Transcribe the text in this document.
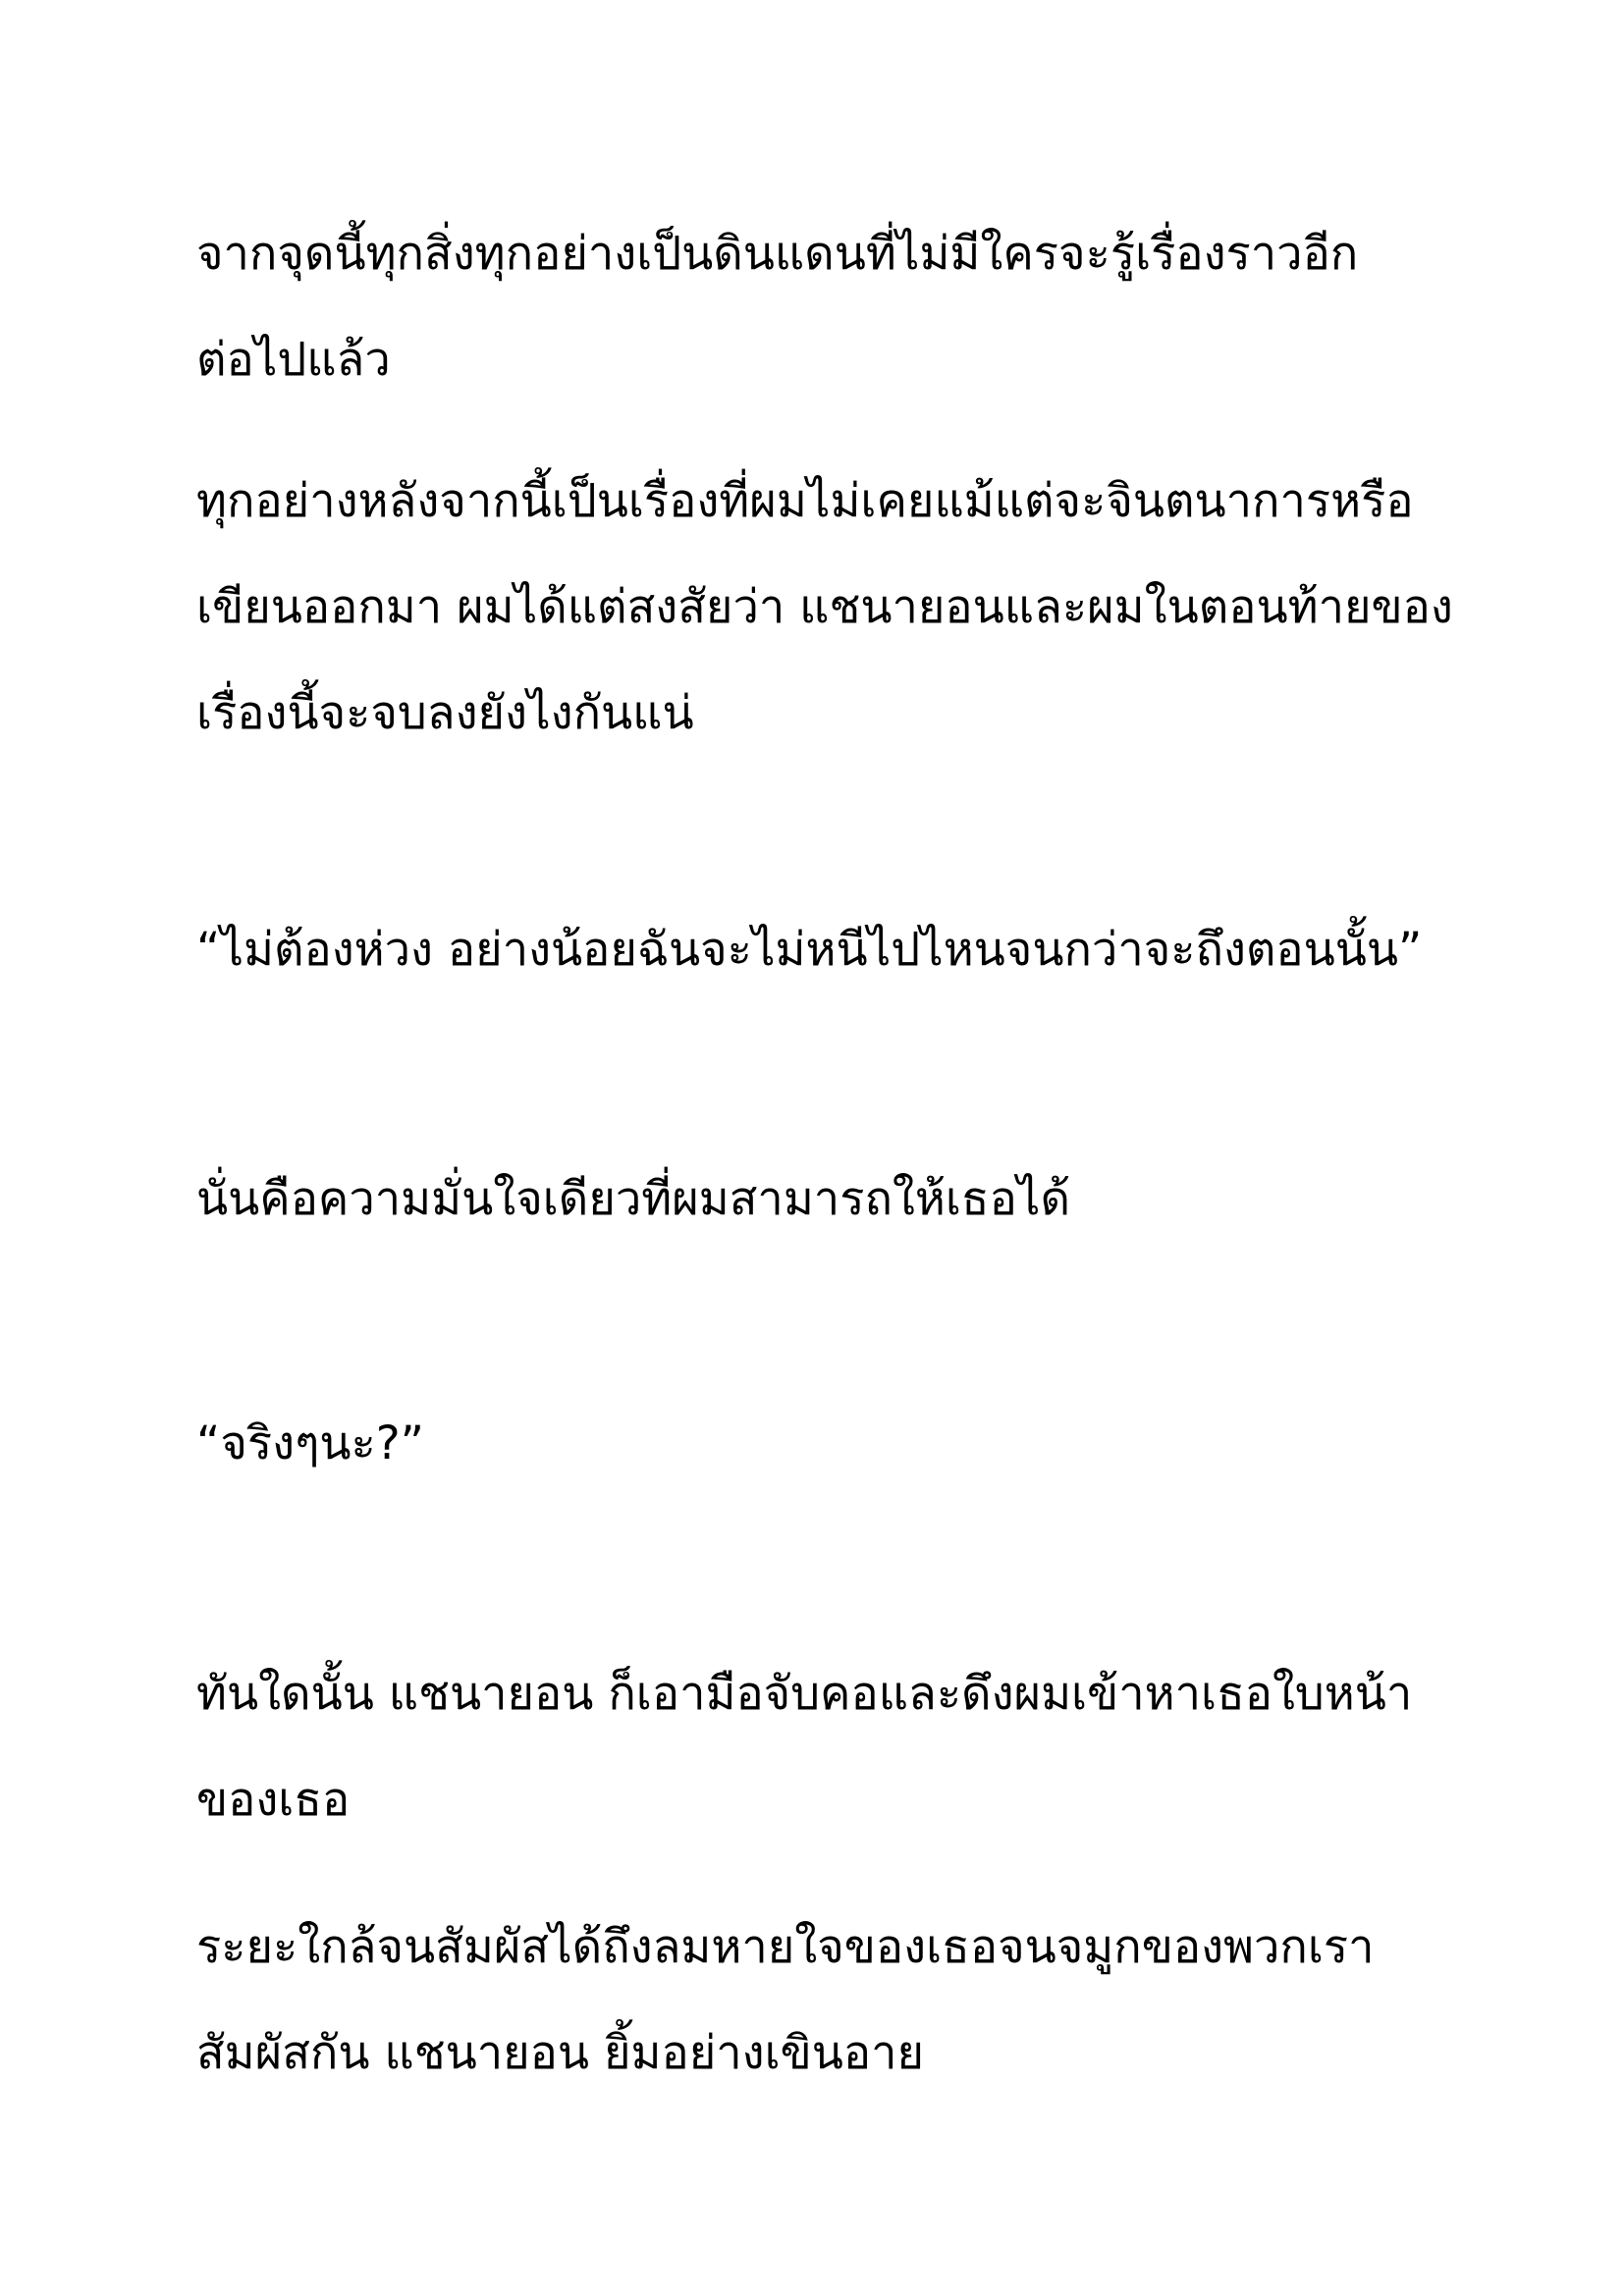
จากจุดนี้ทุกสิ่งทุกอย่างเป็นดินแดนที่ไม่มีใครจะรู้เรื่องราวอีก
ต่อไปแล้ว

ทุกอย่างหลังจากนี้เป็นเรื่องที่ผมไม่เคยแม้แต่จะจินตนาการหรือ
เขียนออกมา ผมได้แต่สงสัยว่า แชนายอนและผมในตอนท้ายของ
เรื่องนี้จะจบลงยังไงกันแน่

“ไม่ต้องห่วง อย่างน้อยฉันจะไม่หนีไปไหนจนกว่าจะถึงตอนนั้น”

นั่นคือความมั่นใจเดียวที่ผมสามารถให้เธอได้

“จริงๆนะ?”

ทันใดนั้น แชนายอน ก็เอามือจับคอและดึงผมเข้าหาเธอใบหน้า
ของเธอ

ระยะใกล้จนสัมผัสได้ถึงลมหายใจของเธอจนจมูกของพวกเรา
สัมผัสกัน แชนายอน ยิ้มอย่างเขินอาย
